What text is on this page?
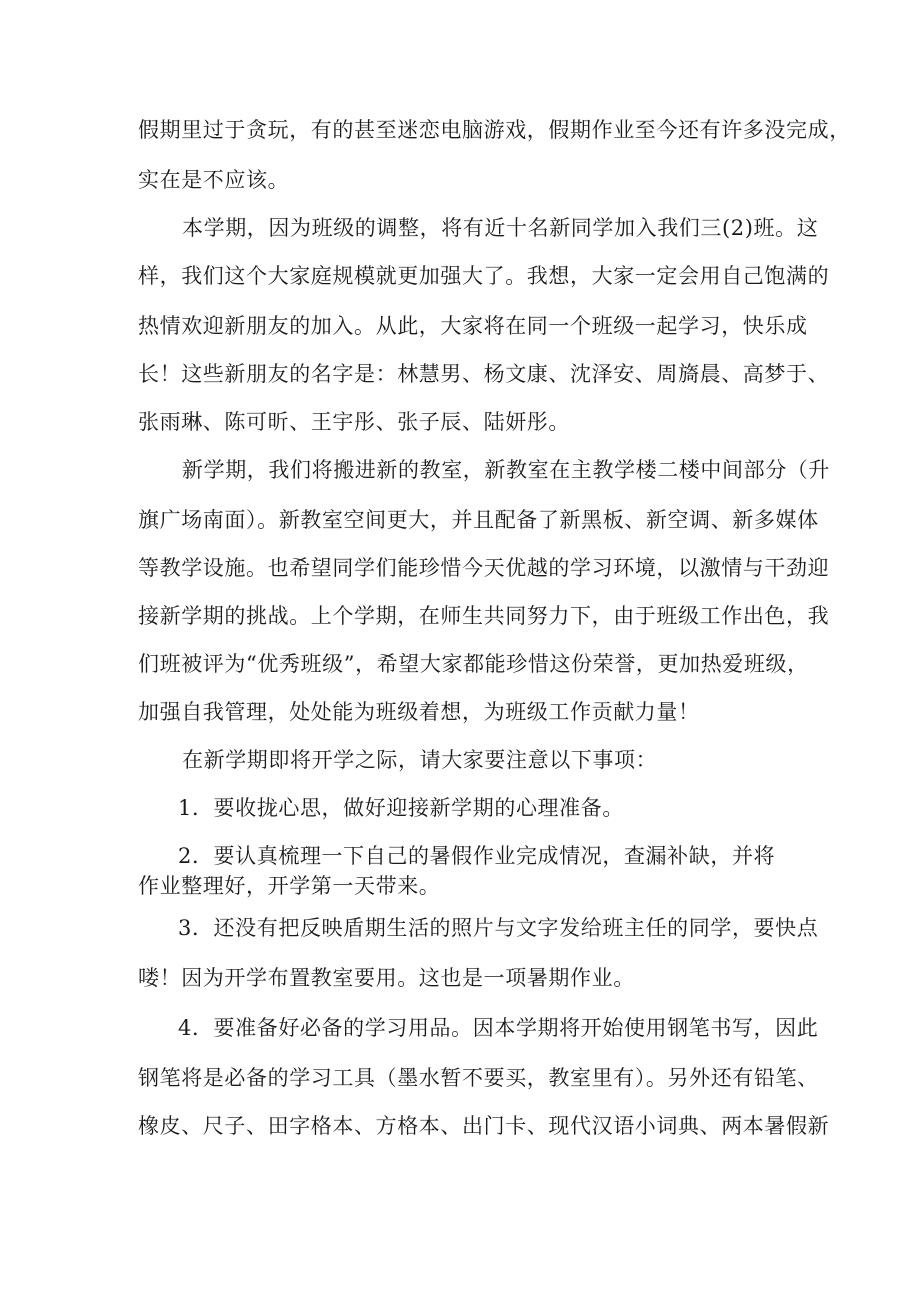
假期里过于贪玩，有的甚至迷恋电脑游戏，假期作业至今还有许多没完成，
实在是不应该。
本学期，因为班级的调整，将有近十名新同学加入我们三(2)班。这
样，我们这个大家庭规模就更加强大了。我想，大家一定会用自己饱满的
热情欢迎新朋友的加入。从此，大家将在同一个班级一起学习，快乐成
长！这些新朋友的名字是：林慧男、杨文康、沈泽安、周旖晨、高梦于、
张雨琳、陈可昕、王宇彤、张子辰、陆妍彤。
新学期，我们将搬进新的教室，新教室在主教学楼二楼中间部分（升
旗广场南面）。新教室空间更大，并且配备了新黑板、新空调、新多媒体
等教学设施。也希望同学们能珍惜今天优越的学习环境，以激情与干劲迎
接新学期的挑战。上个学期，在师生共同努力下，由于班级工作出色，我
们班被评为“优秀班级”，希望大家都能珍惜这份荣誉，更加热爱班级，
加强自我管理，处处能为班级着想，为班级工作贡献力量！
在新学期即将开学之际，请大家要注意以下事项：
1．要收拢心思，做好迎接新学期的心理准备。
2．要认真梳理一下自己的暑假作业完成情况，查漏补缺，并将
作业整理好，开学第一天带来。
3．还没有把反映盾期生活的照片与文字发给班主任的同学，要快点
喽！因为开学布置教室要用。这也是一项暑期作业。
4．要准备好必备的学习用品。因本学期将开始使用钢笔书写，因此
钢笔将是必备的学习工具（墨水暂不要买，教室里有）。另外还有铅笔、
橡皮、尺子、田字格本、方格本、出门卡、现代汉语小词典、两本暑假新
